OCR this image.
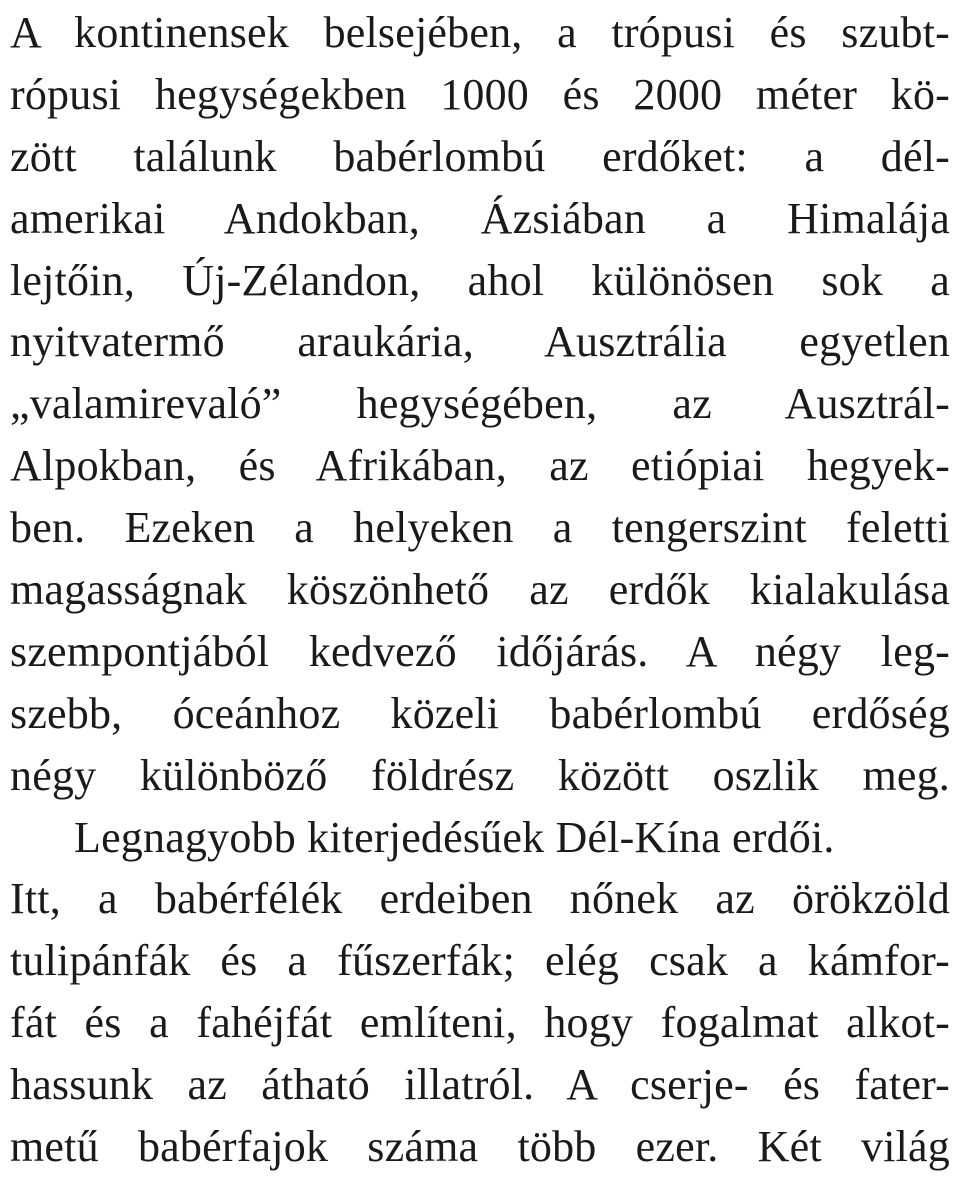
A kontinensek belsejében, a trópusi és szubt-
rópusi hegységekben 1000 és 2000 méter kö-
zött találunk babérlombú erdőket: a dél-
amerikai Andokban, Ázsiában a Himalája
lejtőin, Új-Zélandon, ahol különösen sok a
nyitvatermő araukária, Ausztrália egyetlen
„valamirevaló” hegységében, az Ausztrál-
Alpokban, és Afrikában, az etiópiai hegyek-
ben. Ezeken a helyeken a tengerszint feletti
magasságnak köszönhető az erdők kialakulása
szempontjából kedvező időjárás. A négy leg-
szebb, óceánhoz közeli babérlombú erdőség
négy különböző földrész között oszlik meg.
Legnagyobb kiterjedésűek Dél-Kína erdői.
Itt, a babérfélék erdeiben nőnek az örökzöld
tulipánfák és a fűszerfák; elég csak a kámfor-
fát és a fahéjfát említeni, hogy fogalmat alkot-
hassunk az átható illatról. A cserje- és fater-
metű babérfajok száma több ezer. Két világ
